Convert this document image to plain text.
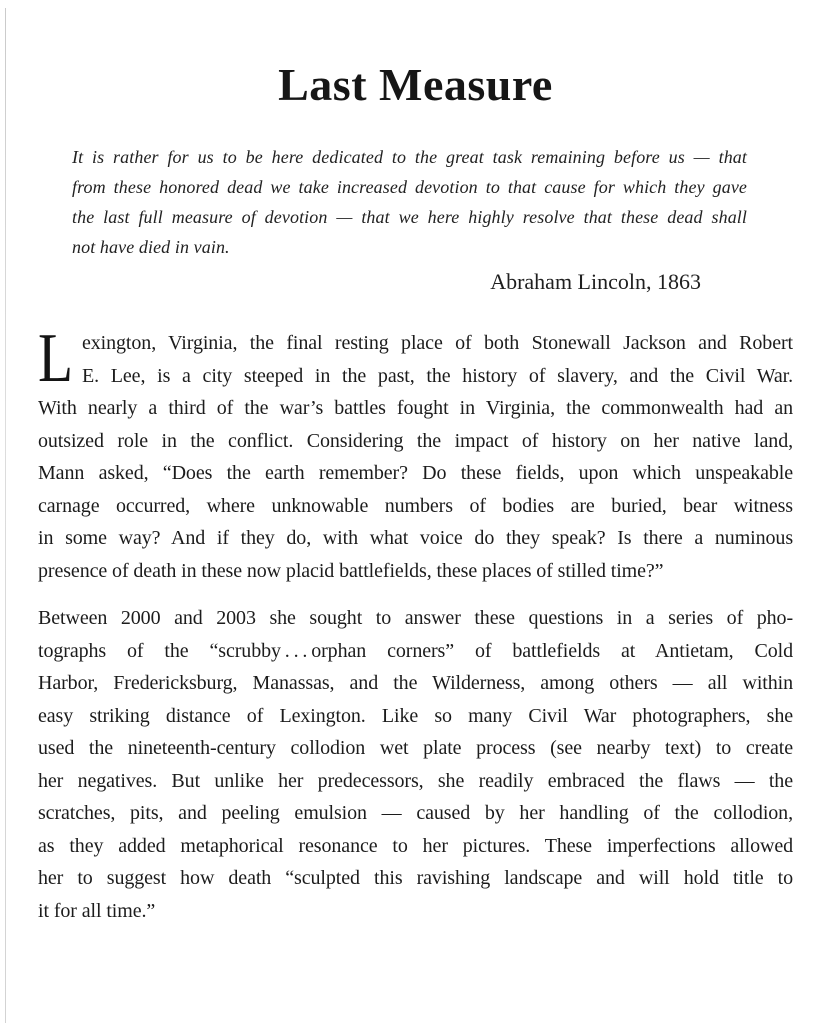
Last Measure
It is rather for us to be here dedicated to the great task remaining before us — that
from these honored dead we take increased devotion to that cause for which they gave
the last full measure of devotion — that we here highly resolve that these dead shall
not have died in vain.
Abraham Lincoln, 1863
L exington, Virginia, the final resting place of both Stonewall Jackson and Robert
E. Lee, is a city steeped in the past, the history of slavery, and the Civil War.
With nearly a third of the war’s battles fought in Virginia, the commonwealth had an
outsized role in the conflict. Considering the impact of history on her native land,
Mann asked, “Does the earth remember? Do these fields, upon which unspeakable
carnage occurred, where unknowable numbers of bodies are buried, bear witness
in some way? And if they do, with what voice do they speak? Is there a numinous
presence of death in these now placid battlefields, these places of stilled time?”
Between 2000 and 2003 she sought to answer these questions in a series of pho-
tographs of the “scrubby . . . orphan corners” of battlefields at Antietam, Cold
Harbor, Fredericksburg, Manassas, and the Wilderness, among others — all within
easy striking distance of Lexington. Like so many Civil War photographers, she
used the nineteenth-century collodion wet plate process (see nearby text) to create
her negatives. But unlike her predecessors, she readily embraced the flaws — the
scratches, pits, and peeling emulsion — caused by her handling of the collodion,
as they added metaphorical resonance to her pictures. These imperfections allowed
her to suggest how death “sculpted this ravishing landscape and will hold title to
it for all time.”
